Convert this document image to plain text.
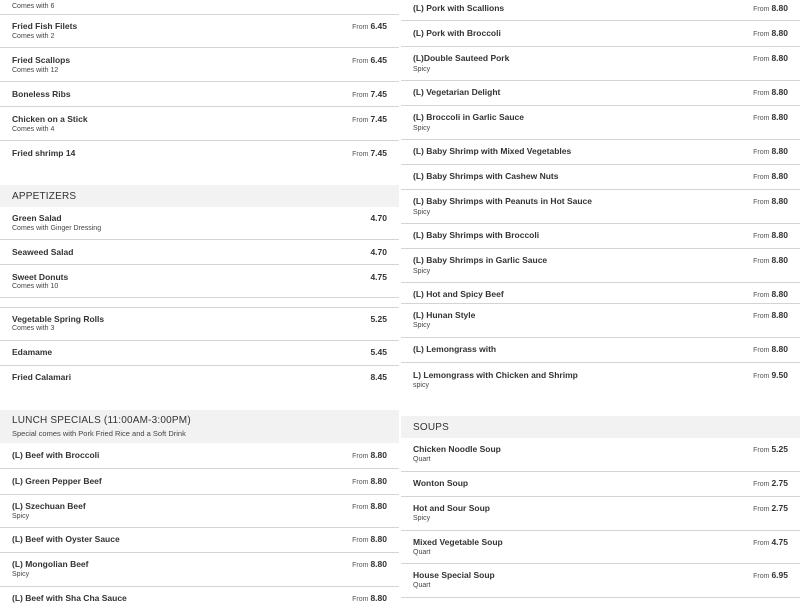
Comes with 6
Fried Fish Filets
Comes with 2
From 6.45
Fried Scallops
Comes with 12
From 6.45
Boneless Ribs	From 7.45
Chicken on a Stick
Comes with 4
From 7.45
Fried shrimp 14	From 7.45
APPETIZERS
Green Salad
Comes with Ginger Dressing
4.70
Seaweed Salad	4.70
Sweet Donuts
Comes with 10
4.75
Vegetable Spring Rolls
Comes with 3
5.25
Edamame	5.45
Fried Calamari	8.45
LUNCH SPECIALS (11:00AM-3:00PM)
Special comes with Pork Fried Rice and a Soft Drink
(L) Beef with Broccoli	From 8.80
(L) Green Pepper Beef	From 8.80
(L) Szechuan Beef
Spicy
From 8.80
(L) Beef with Oyster Sauce	From 8.80
(L) Mongolian Beef
Spicy
From 8.80
(L) Beef with Sha Cha Sauce	From 8.80
(L) Pork with Scallions	From 8.80
(L) Pork with Broccoli	From 8.80
(L)Double Sauteed Pork
Spicy
From 8.80
(L) Vegetarian Delight	From 8.80
(L) Broccoli in Garlic Sauce
Spicy
From 8.80
(L) Baby Shrimp with Mixed Vegetables	From 8.80
(L) Baby Shrimps with Cashew Nuts	From 8.80
(L) Baby Shrimps with Peanuts in Hot Sauce
Spicy
From 8.80
(L) Baby Shrimps with Broccoli	From 8.80
(L) Baby Shrimps in Garlic Sauce
Spicy
From 8.80
(L) Hot and Spicy Beef	From 8.80
(L) Hunan Style
Spicy
From 8.80
(L) Lemongrass with	From 8.80
L) Lemongrass with Chicken and Shrimp
spicy
From 9.50
SOUPS
Chicken Noodle Soup
Quart
From 5.25
Wonton Soup	From 2.75
Hot and Sour Soup
Spicy
From 2.75
Mixed Vegetable Soup
Quart
From 4.75
House Special Soup
Quart
From 6.95
